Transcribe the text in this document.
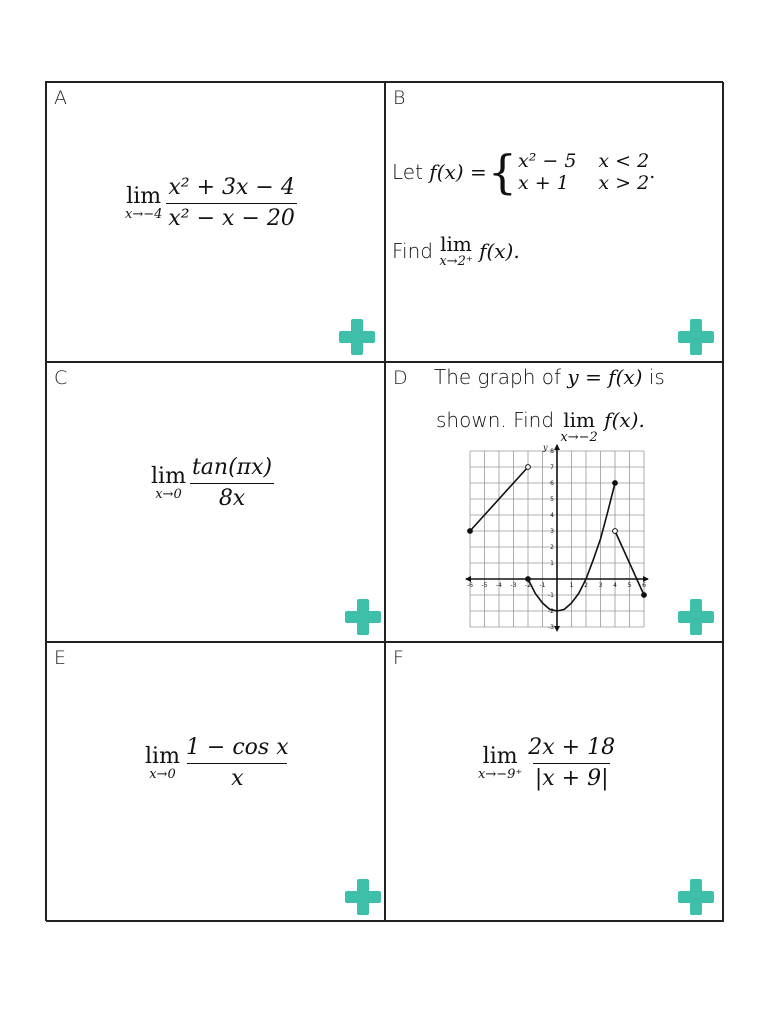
A
lim
$x\to-4 \frac{\text{x² + 3x − 4}}{\text{x² − x − 20}}$
B
Let
f(x) = { x² − 5 x < 2
x + 1	x > 2 .
Find
lim
x→2⁺
f(x).
C
lim
$x\to 0 \frac{\tan(\pi x)}{8x}$
D The graph of
y = f(x)
is
shown. Find
lim
x→−2

f(x).
y
-6 -5 -4 -3 -2 -1	1 2 3 4 5 6
8
7
6
5
4
3
2
1
-1
-2
-3
E
lim
$x\to 0 \frac{\text{1 − cos x}}{x}$
F
lim
$x\to-9^+ \frac{2x + 18}{|x + 9|}$
